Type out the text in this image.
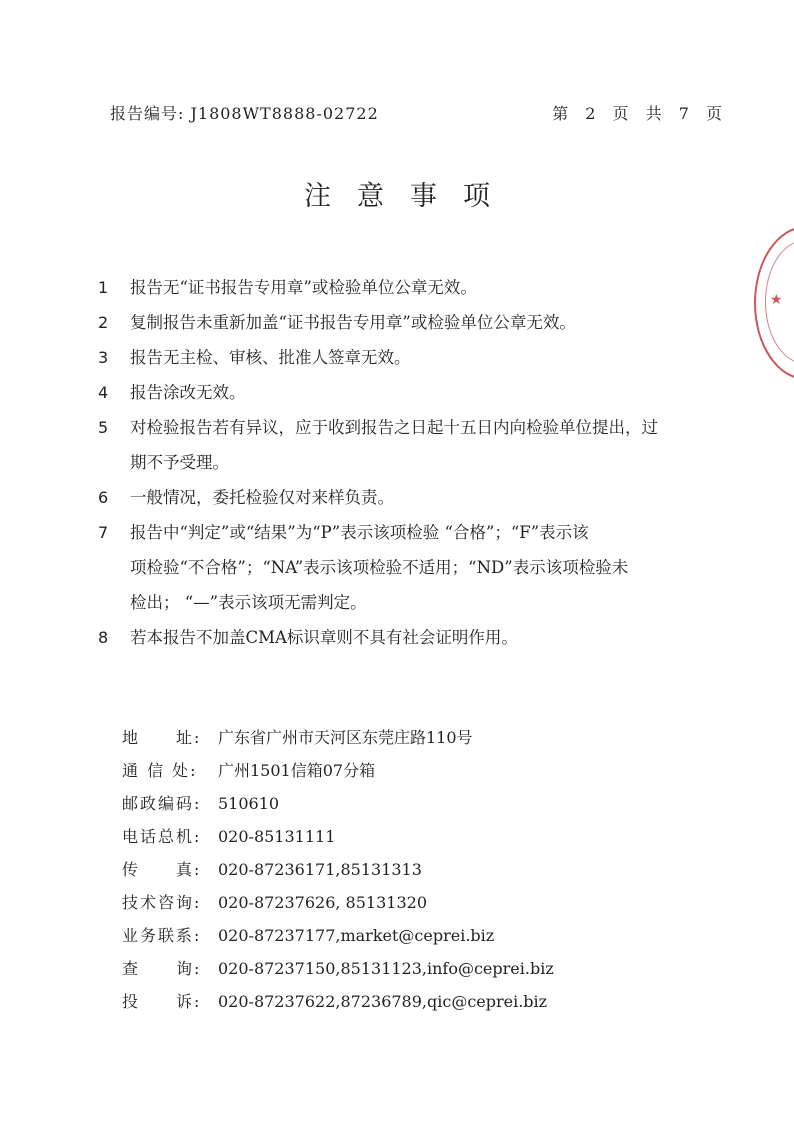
报告编号: J1808WT8888-02722	第 2 页 共 7 页
注意事项
1 报告无“证书报告专用章”或检验单位公章无效。
2 复制报告未重新加盖“证书报告专用章”或检验单位公章无效。
3 报告无主检、审核、批准人签章无效。
4 报告涂改无效。
5 对检验报告若有异议，应于收到报告之日起十五日内向检验单位提出，过
期不予受理。
6 一般情况，委托检验仅对来样负责。
7 报告中“判定”或“结果”为“P”表示该项检验 “合格”；“F”表示该
项检验“不合格”；“NA”表示该项检验不适用；“ND”表示该项检验未
检出； “—”表示该项无需判定。
8 若本报告不加盖CMA标识章则不具有社会证明作用。
地　　址: 广东省广州市天河区东莞庄路110号
通 信 处: 广州1501信箱07分箱
邮政编码: 510610
电话总机: 020-85131111
传　　真: 020-87236171,85131313
技术咨询: 020-87237626, 85131320
业务联系: 020-87237177,market@ceprei.biz
查　　询: 020-87237150,85131123,info@ceprei.biz
投　　诉: 020-87237622,87236789,qic@ceprei.biz
★
